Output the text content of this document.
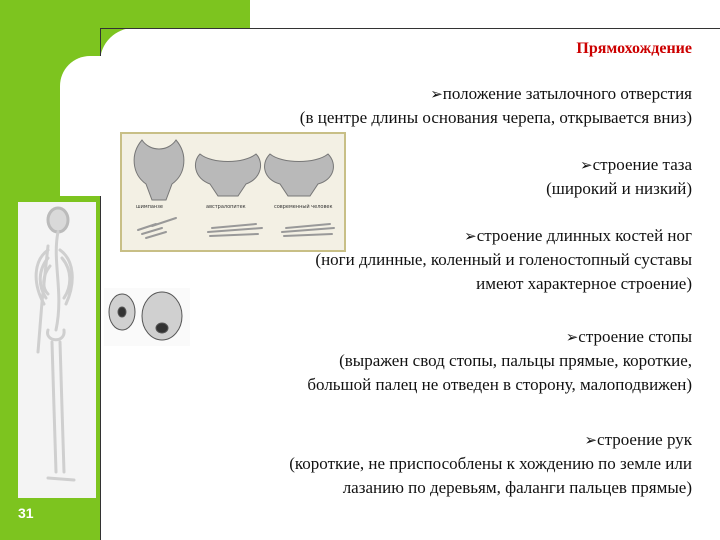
шимпанзе	австралопитек	современный человек
Прямохождение
➢положение затылочного отверстия
(в центре длины основания черепа, открывается вниз)
➢строение таза
(широкий и низкий)
➢строение длинных костей ног
(ноги длинные, коленный и голеностопный суставы
имеют характерное строение)
➢строение стопы
(выражен свод стопы, пальцы прямые, короткие,
большой палец не отведен в сторону, малоподвижен)
➢строение рук
(короткие, не приспособлены к хождению по земле или
лазанию по деревьям, фаланги пальцев прямые)
31
